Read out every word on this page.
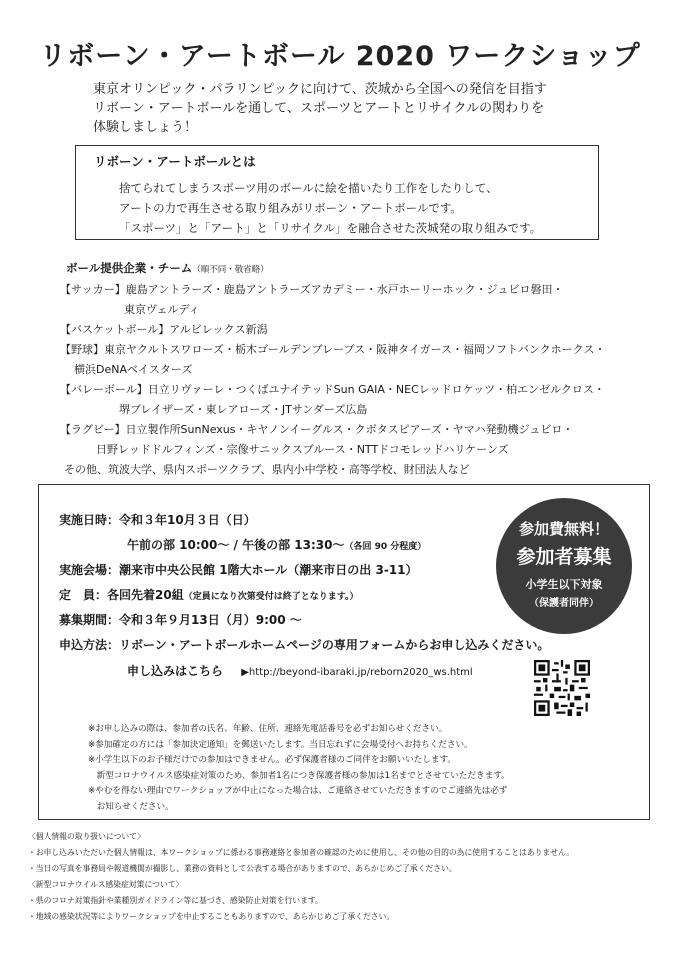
リボーン・アートボール 2020 ワークショップ
東京オリンピック・パラリンピックに向けて、茨城から全国への発信を目指す
リボーン・アートボールを通して、スポーツとアートとリサイクルの関わりを
体験しましょう！
リボーン・アートボールとは
捨てられてしまうスポーツ用のボールに絵を描いたり工作をしたりして、
アートの力で再生させる取り組みがリボーン・アートボールです。
「スポーツ」と「アート」と「リサイクル」を融合させた茨城発の取り組みです。
ボール提供企業・チーム（順不同・敬省略）
【サッカー】鹿島アントラーズ・鹿島アントラーズアカデミー・水戸ホーリーホック・ジュビロ磐田・
東京ヴェルディ
【バスケットボール】アルビレックス新潟
【野球】東京ヤクルトスワローズ・栃木ゴールデンブレーブス・阪神タイガース・福岡ソフトバンクホークス・
横浜DeNAベイスターズ
【バレーボール】日立リヴァーレ・つくばユナイテッドSun GAIA・NECレッドロケッツ・柏エンゼルクロス・
堺ブレイザーズ・東レアローズ・JTサンダーズ広島
【ラグビー】日立製作所SunNexus・キヤノンイーグルス・クボタスピアーズ・ヤマハ発動機ジュビロ・
日野レッドドルフィンズ・宗像サニックスブルース・NTTドコモレッドハリケーンズ
その他、筑波大学、県内スポーツクラブ、県内小中学校・高等学校、財団法人など
実施日時：令和３年10月３日（日）
午前の部 10:00〜 / 午後の部 13:30〜（各回 90 分程度）
実施会場：潮来市中央公民館 1階大ホール（潮来市日の出 3-11）
定　員：各回先着20組（定員になり次第受付は終了となります。）
募集期間：令和３年９月13日（月）9:00 〜
申込方法：リボーン・アートボールホームページの専用フォームからお申し込みください。
申し込みはこちら ▶http://beyond-ibaraki.jp/reborn2020_ws.html
参加費無料！
参加者募集
小学生以下対象
（保護者同伴）
※お申し込みの際は、参加者の氏名、年齢、住所、連絡先電話番号を必ずお知らせください。
※参加確定の方には「参加決定通知」を郵送いたします。当日忘れずに会場受付へお持ちください。
※小学生以下のお子様だけでの参加はできません。必ず保護者様のご同伴をお願いいたします。
　新型コロナウイルス感染症対策のため、参加者1名につき保護者様の参加は1名までとさせていただきます。
※やむを得ない理由でワークショップが中止になった場合は、ご連絡させていただきますのでご連絡先は必ず
　お知らせください。
〈個人情報の取り扱いについて〉
・お申し込みいただいた個人情報は、本ワークショップに係わる事務連絡と参加者の確認のために使用し、その他の目的の為に使用することはありません。
・当日の写真を事務局や報道機関が撮影し、業務の資料として公表する場合がありますので、あらかじめご了承ください。
〈新型コロナウイルス感染症対策について〉
・県のコロナ対策指針や業種別ガイドライン等に基づき、感染防止対策を行います。
・地域の感染状況等によりワークショップを中止することもありますので、あらかじめご了承ください。
